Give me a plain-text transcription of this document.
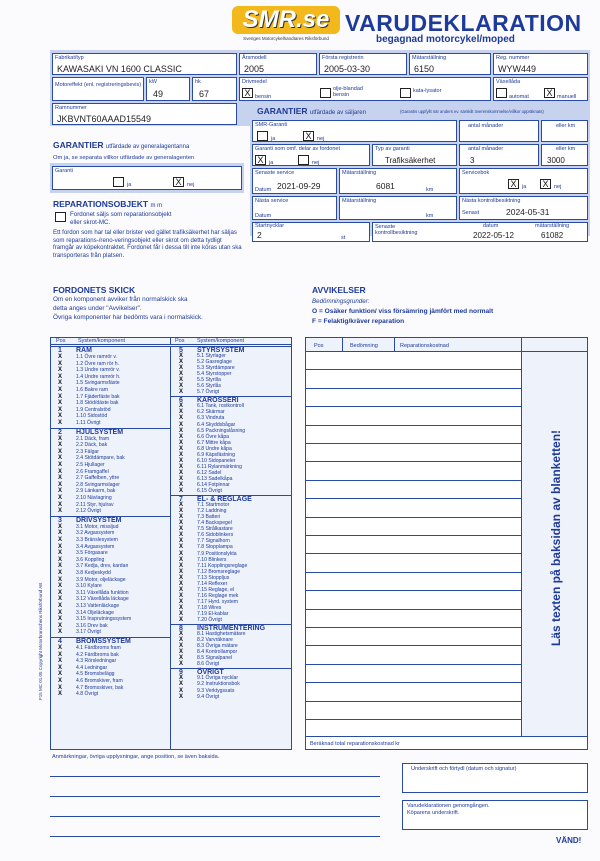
SMR.se
Sveriges MotorcykelhandIares Riksförbund
VARUDEKLARATION
begagnad motorcykel/moped
Fabrikat/typ
KAWASAKI VN 1600 CLASSIC
Årsmodell
2005
Första registrerin
2005-03-30
Mätarställning
6150
Reg. nummer
WYW449
Motoreffekt (enl. registreringsbevis)	kW
49
hk
67
Drivmedel
X bensin
olje-blandad bensin
kata-lysator
Växellåda
automat X manuell
Ramnummer
JKBVNT60AAAD15549
GARANTIER utfärdade av säljaren	(Garantis uppfyllt när anders ev. särskilt överenskommelse/villkor uppräknats)
SMR-Garanti
ja	X	nej
antal månader	eller km
Garanti som omf. delar av fordonet
X	ja	nej
Typ av garanti
Trafiksäkerhet
antal månader
3
eller km
3000
Senaste service
Datum 2021-09-29
Mätarställning
6081	km
Servicebok
X	ja X	nej
Nästa service
Datum
Mätarställning
km
Nästa kontrollbesiktning
Senast	2024-05-31
Startnycklar
2	st
Senaste kontrollbesiktning
datum	mätarställning
2022-05-12	61082
GARANTIER utfärdade av generalagentanna
Om ja, se separata villkor utfärdade av generalagenten
Garanti
ja	X	nej
REPARATIONSOBJEKT m m
Fordonet säljs som reparationsobjekt
eller skrot-MC.
Ett fordon som har tal eller brister ved gället trafiksäkerhet har säljas som reparations-/reno-veringsobjekt eller skrot om detta tydligt framgår av köpekontraktet. Fordonet får i dessa till inte köras utan ska transporteras från platsen.
FORDONETS SKICK
Om en komponent avviker från normalskick ska
detta anges under "Avvikelser".
Övriga komponenter har bedömts vara i normalskick.
AVVIKELSER
Bedömningsgrunder:
O = Osäker funktion/ viss försämring jämfört med normalt
F = Felaktig/kräver reparation
Pos System/komponent	Pos System/komponent
1 RAM
X	1.1 Övre ramrör v.
X	1.2 Övre ram rör h.
X	1.3 Undre ramrör v.
X	1.4 Undre ramrör h.
X	1.5 Svingarmsfäste
X	1.6 Bakre ram
X	1.7 Fjäderfäste bak
X	1.8 Stöd/däste bak
X	1.9 Centralstöd
X	1.10 Sidostöd
X	1.11 Övrigt
2 HJULSYSTEM
X	2.1 Däck, fram
X	2.2 Däck, bak
X	2.3 Fälgar
X	2.4 Stötdämpare, bak
X	2.5 Hjullager
X	2.6 Framgaffel
X	2.7 Gaffelben, yttre
X	2.8 Svingarmslager
X	2.9 Länkarm, bak
X	2.10 Nävlagring
X	2.11 Styr, hjulrav
X	2.12 Övrigt
3 DRIVSYSTEM
X	3.1 Motor, missljud
X	3.2 Avgassystem
X	3.3 Bränslesystem
X	3.4 Avgassystem
X	3.5 Förgasare
X	3.6 Koppling
X	3.7 Kedja, drev, kardan
X	3.8 Kedjeskydd
X	3.9 Motor, oljeläckage
X	3.10 Kylare
X	3.11 Växellåda funktion
X	3.12 Växellåda läckage
X	3.13 Vattenläckage
X	3.14 Oljeläckage
X	3.15 Insprutningssystem
X	3.16 Drev bak
X	3.17 Övrigt
4 BROMSSYSTEM
X	4.1 Färdbroms fram
X	4.2 Färdbroms bak
X	4.3 Rörsledningar
X	4.4 Ledningar
X	4.5 Bromsbelägg
X	4.6 Bromskiver, fram
X	4.7 Bromsskiver, bak
X	4.8 Övrigt
5 STYRSYSTEM
X	5.1 Styrlager
X	5.2 Gasreglage
X	5.3 Styrdämpare
X	5.4 Styrstopper
X	5.5 Styrilla
X	5.6 Styrlås
X	5.7 Övrigt
6 KAROSSERI
X	6.1 Tank, rostkontroll
X	6.2 Skärmar
X	6.3 Vindruta
X	6.4 Skyddsbågar
X	6.5 Packningslåsning
X	6.6 Övre kåpa
X	6.7 Mittre kåpa
X	6.8 Undre kåpa
X	6.9 Käpsfästning
X	6.10 Sidopaneler
X	6.11 Rylanmärkning
X	6.12 Sadel
X	6.13 Sadelkåpa
X	6.14 Fotpinnar
X	6.15 Övrigt
7 EL- & REGLAGE
X	7.1 Startmotor
X	7.2 Laddning
X	7.3 Batteri
X	7.4 Backspegel
X	7.5 Strålkastare
X	7.6 Sidoblinkers
X	7.7 Signalhorn
X	7.8 Stopplampa
X	7.9 Positionslykta
X	7.10 Blinkers
X	7.11 Kopplingsreglage
X	7.12 Bromsreglage
X	7.13 Stoppljus
X	7.14 Reflexer
X	7.15 Reglage, el
X	7.16 Reglage mek
X	7.17 Hyrd. system
X	7.18 Wires
X	7.19 El-kablar
X	7.20 Övrigt
8 INSTRUMENTERING
X	8.1 Hastighetsmätare
X	8.2 Varvräknare
X	8.3 Övriga mätare
X	8.4 Kontrollampor
X	8.5 Signalpanel
X	8.6 Övrigt
9 ÖVRIGT
X	9.1 Övriga nycklar
X	9.2 Instruktionsbok
X	9.3 Verktygssats
X	9.4 Övrigt
Pos	Bedömning	Reparationskostnad
Läs texten på baksidan av blanketten!
Beräknad total reparationskostnad kr
Anmärkningar, övriga upplysningar, ange position, se även baksida.
Underskrift och förtydl (datum och signatur)
Varudeklarationen genomgången.
Köparens underskrift.
VÄND!
F15 MC 01.05 Copyright Motorbranschens Riksförbund AB
